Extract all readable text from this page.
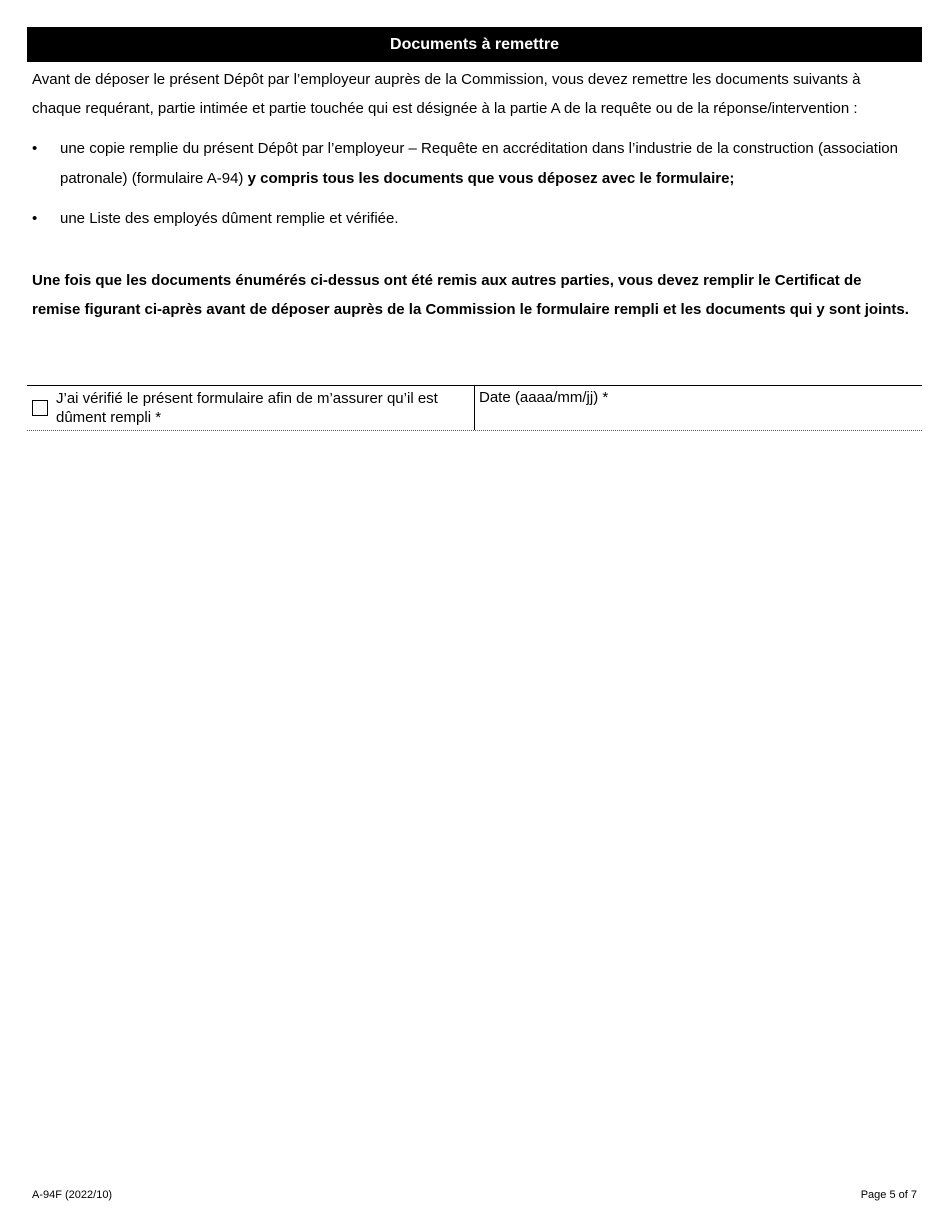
Documents à remettre

Avant de déposer le présent Dépôt par l’employeur auprès de la Commission, vous devez remettre les documents suivants à chaque requérant, partie intimée et partie touchée qui est désignée à la partie A de la requête ou de la réponse/intervention :

• une copie remplie du présent Dépôt par l’employeur – Requête en accréditation dans l’industrie de la construction (association patronale) (formulaire A-94) y compris tous les documents que vous déposez avec le formulaire;
• une Liste des employés dûment remplie et vérifiée.

Une fois que les documents énumérés ci-dessus ont été remis aux autres parties, vous devez remplir le Certificat de remise figurant ci-après avant de déposer auprès de la Commission le formulaire rempli et les documents qui y sont joints.

J’ai vérifié le présent formulaire afin de m’assurer qu’il est dûment rempli *
Date (aaaa/mm/jj) *
A-94F (2022/10)	Page 5 of 7
